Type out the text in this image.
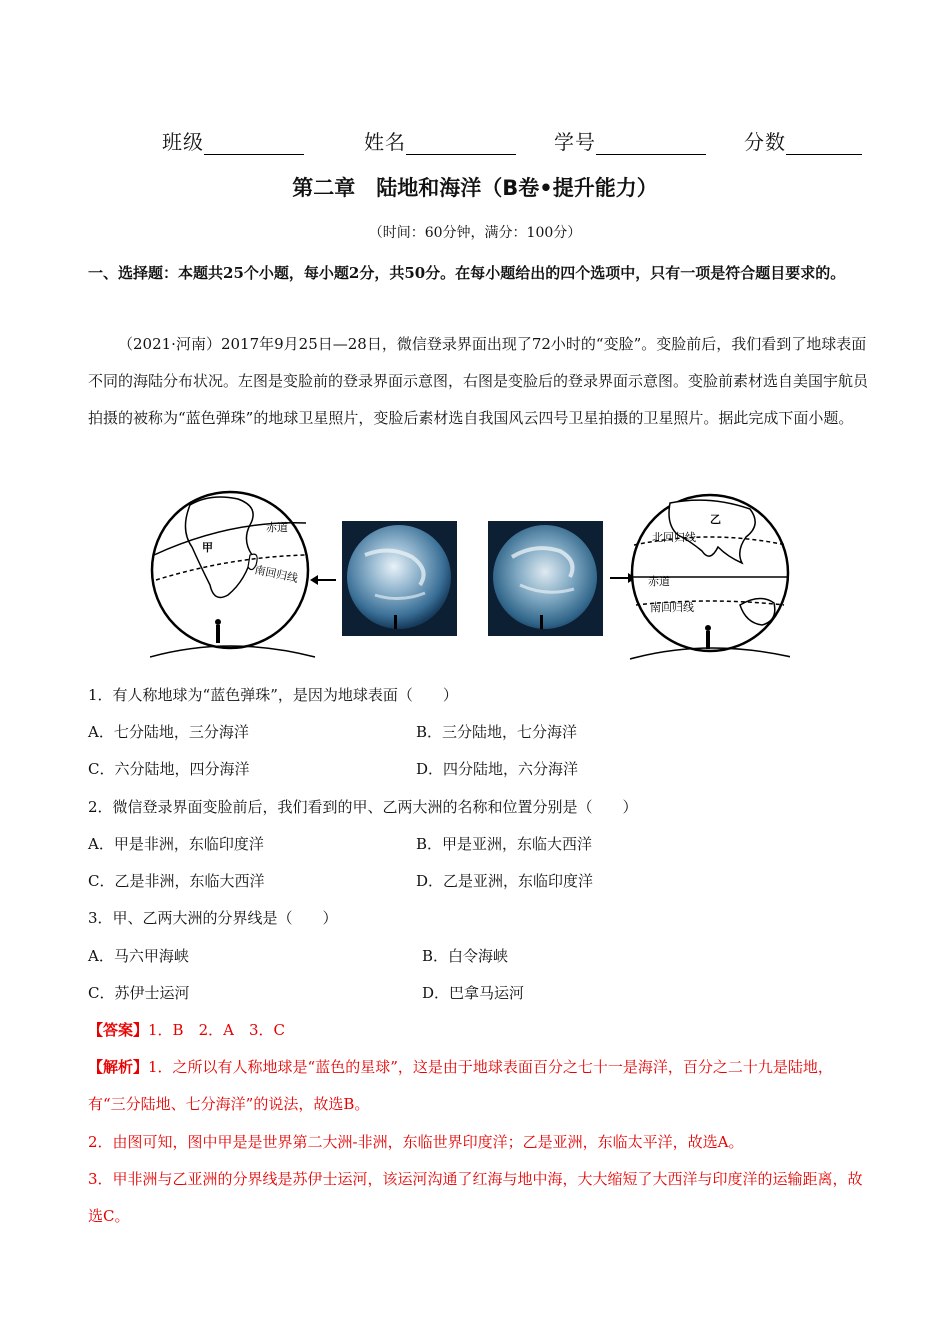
班级	姓名	学号	分数
第二章　陆地和海洋（B卷•提升能力）
（时间：60分钟，满分：100分）
一、选择题：本题共25个小题，每小题2分，共50分。在每小题给出的四个选项中，只有一项是符合题目要求的。
（2021·河南）2017年9月25日—28日，微信登录界面出现了72小时的“变脸”。变脸前后，我们看到了地球表面不同的海陆分布状况。左图是变脸前的登录界面示意图，右图是变脸后的登录界面示意图。变脸前素材选自美国宇航员拍摄的被称为“蓝色弹珠”的地球卫星照片，变脸后素材选自我国风云四号卫星拍摄的卫星照片。据此完成下面小题。
甲
赤道
南回归线
乙
北回归线
赤道
南回归线
1．有人称地球为“蓝色弹珠”，是因为地球表面（　　）
A．七分陆地，三分海洋	B．三分陆地，七分海洋
C．六分陆地，四分海洋	D．四分陆地，六分海洋
2．微信登录界面变脸前后，我们看到的甲、乙两大洲的名称和位置分别是（　　）
A．甲是非洲，东临印度洋	B．甲是亚洲，东临大西洋
C．乙是非洲，东临大西洋	D．乙是亚洲，东临印度洋
3．甲、乙两大洲的分界线是（　　）
A．马六甲海峡	B．白令海峡
C．苏伊士运河	D．巴拿马运河
【答案】1．B　2．A　3．C
【解析】1．之所以有人称地球是“蓝色的星球”，这是由于地球表面百分之七十一是海洋，百分之二十九是陆地，有“三分陆地、七分海洋”的说法，故选B。
2．由图可知，图中甲是是世界第二大洲-非洲，东临世界印度洋；乙是亚洲，东临太平洋，故选A。
3．甲非洲与乙亚洲的分界线是苏伊士运河，该运河沟通了红海与地中海，大大缩短了大西洋与印度洋的运输距离，故选C。
